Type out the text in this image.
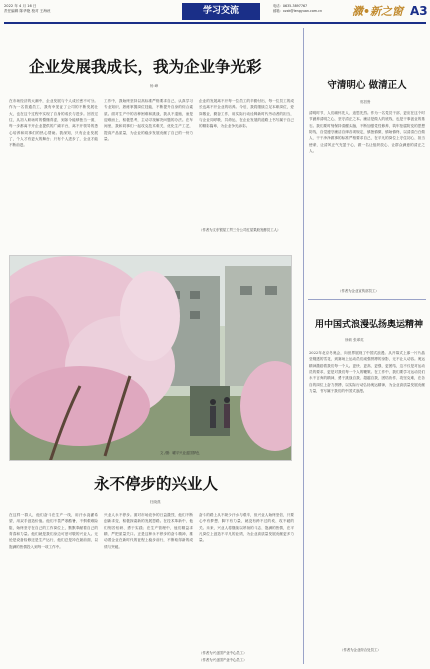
2022 年 4 月 16 日
责任编辑 陈华艳 校对 王海丝	学习交流	电话：0635-3897767
邮箱：xzxk@lengyuan.com.cn	㵟•新之窗 A3
企业发展我成长，我为企业争光彩
杨 峰
在市场经济的大潮中，企业发展与个人成长密不可分。作为一名普通员工，我有幸见证了公司的不断发展壮大，也在这个过程中实现了自身的成长与进步。回首过往，从初入职场时的懵懂青涩，到如今能够独当一面，每一步都离不开企业提供的广阔平台，离不开领导的悉心培养和同事们的热心帮助。我深知，只有企业发展了，个人才有更大的舞台；只有个人进步了，企业才能不断前进。
工作中，我始终坚持以高标准严格要求自己，认真学习专业知识，熟练掌握岗位技能，不断提升自身的综合素质。面对生产中的各种困难和挑战，我从不退缩，而是迎难而上，积极思考，主动寻找解决问题的办法。在车间里，我和同事们一起攻克技术难关，优化生产工艺，提高产品质量，为企业的稳步发展贡献了自己的一份力量。
企业的发展离不开每一位员工的辛勤付出，每一位员工的成长也离不开企业的培养。今后，我将继续立足本职岗位，爱岗敬业，勤奋工作，用实际行动诠释新时代劳动者的担当，与企业同呼吸、共命运，在企业发展的道路上书写属于自己的精彩篇章，为企业争光添彩。
（作者为文东银星工贸三分公司红星果胶发酵员工人）
文 /摄：曜平兴业蓝国梦色
守清明心 做清正人
郭昌鲁
清明时节，人们缅怀先人、追思先烈。作为一名党员干部，更应在这个时节涵养清明之心，坚守清正之本。廉洁是做人的底线，也是干事创业的基石。我们要时刻保持清醒头脑，不断加强党性修养，筑牢拒腐防变的思想防线，自觉遵守廉洁自律各项规定，慎独慎微、慎始慎终，以清清白白做人、干干净净做事的标准严格要求自己，在平凡的岗位上守住初心、担当使命，让清风正气充盈于心，做一名让组织放心、让群众满意的清正之人。
（作者为企业宣传部员工）
用中国式浪漫弘扬奥运精神
徐莉 张翠英
2022年北京冬奥会，向世界展现了中国式浪漫。从开幕式上那一片片晶莹剔透的雪花，到赛场上运动员们顽强拼搏的身影，无不让人动容。奥运精神激励着我们每一个人。更快、更高、更强、更团结，这不仅是对运动员的要求，更是对我们每一个人的鞭策。在工作中，我们要学习运动员们永不言弃的精神，勇于挑战自我、超越自我，团结协作、攻坚克难，在各自的岗位上奋力拼搏，以实际行动弘扬奥运精神，为企业高质量发展贡献力量，书写属于我们的中国式浪漫。
（作者为企业综合处员工）
永不停步的兴业人
杜晓燕
在这样一群人，他们奋斗在生产一线，用汗水浇灌希望，用双手创造价值。他们不畏严寒酷暑，不惧艰难险阻，始终坚守在自己的工作岗位上，默默奉献着自己的青春和力量。他们就是我们身边可爱可敬的兴业人。无论是设备检修还是生产运行，他们总是冲在最前面，以饱满的热情投入到每一项工作中。
兴业人永不停步。面对市场竞争的日益激烈，他们不断创新求变，积极探索新的发展思路。在技术革新中，他们刻苦钻研、勇于实践；在生产管理中，他们精益求精、严把质量关口。正是这种永不停步的奋斗精神，推动着企业在新时代的征程上稳步前行，不断取得新的成绩与突破。
奋斗的路上从不缺少汗水与艰辛，但兴业人始终坚信，只要心中有梦想、脚下有力量，就没有跨不过的坎、攻不破的关。未来，兴业人将继续以昂扬的斗志、饱满的热情，在平凡岗位上创造不平凡的业绩，为企业高质量发展贡献更多力量。
（作者为兴业国产业中心员工）
（作者为兴业国产业中心员工）
